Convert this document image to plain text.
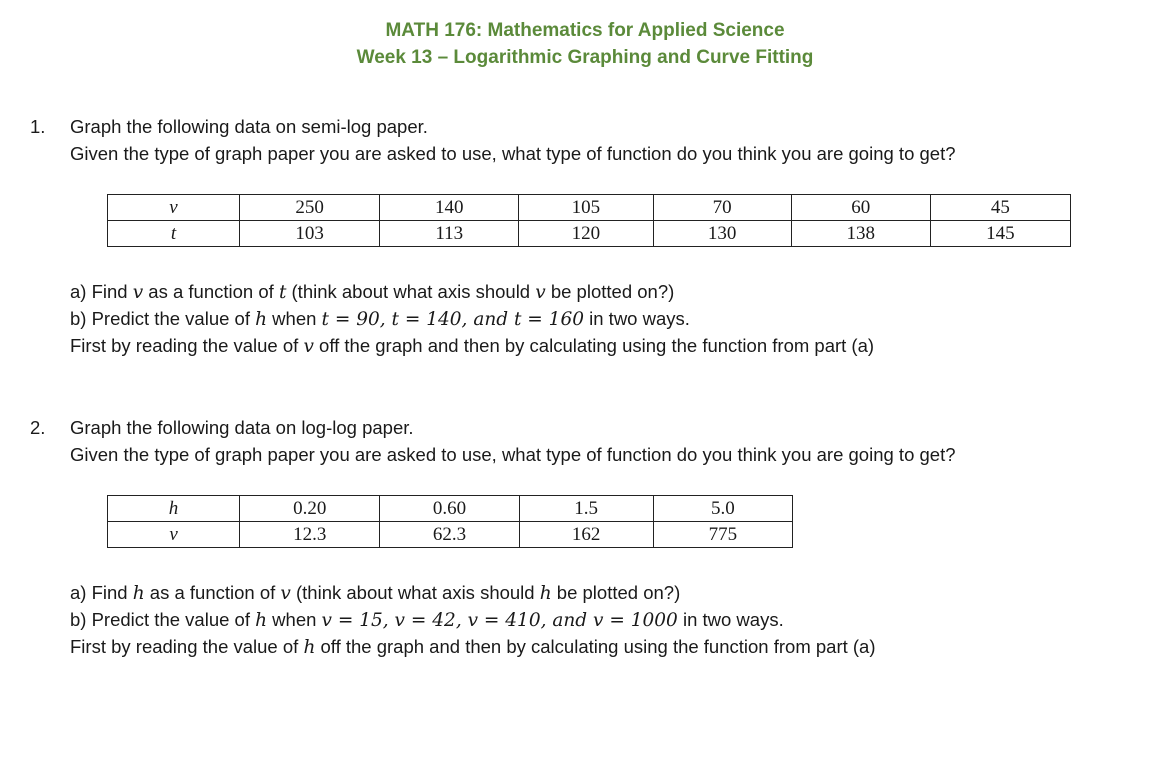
MATH 176: Mathematics for Applied Science
Week 13 – Logarithmic Graphing and Curve Fitting
1. Graph the following data on semi-log paper.
Given the type of graph paper you are asked to use, what type of function do you think you are going to get?
v	250	140	105	70	60	45
t	103	113	120	130	138	145
a) Find v as a function of t (think about what axis should v be plotted on?)
b) Predict the value of h when t = 90, t = 140, and t = 160 in two ways.
First by reading the value of v off the graph and then by calculating using the function from part (a)
2. Graph the following data on log-log paper.
Given the type of graph paper you are asked to use, what type of function do you think you are going to get?
h	0.20	0.60	1.5	5.0
v	12.3	62.3	162	775
a) Find h as a function of v (think about what axis should h be plotted on?)
b) Predict the value of h when v = 15, v = 42, v = 410, and v = 1000 in two ways.
First by reading the value of h off the graph and then by calculating using the function from part (a)
